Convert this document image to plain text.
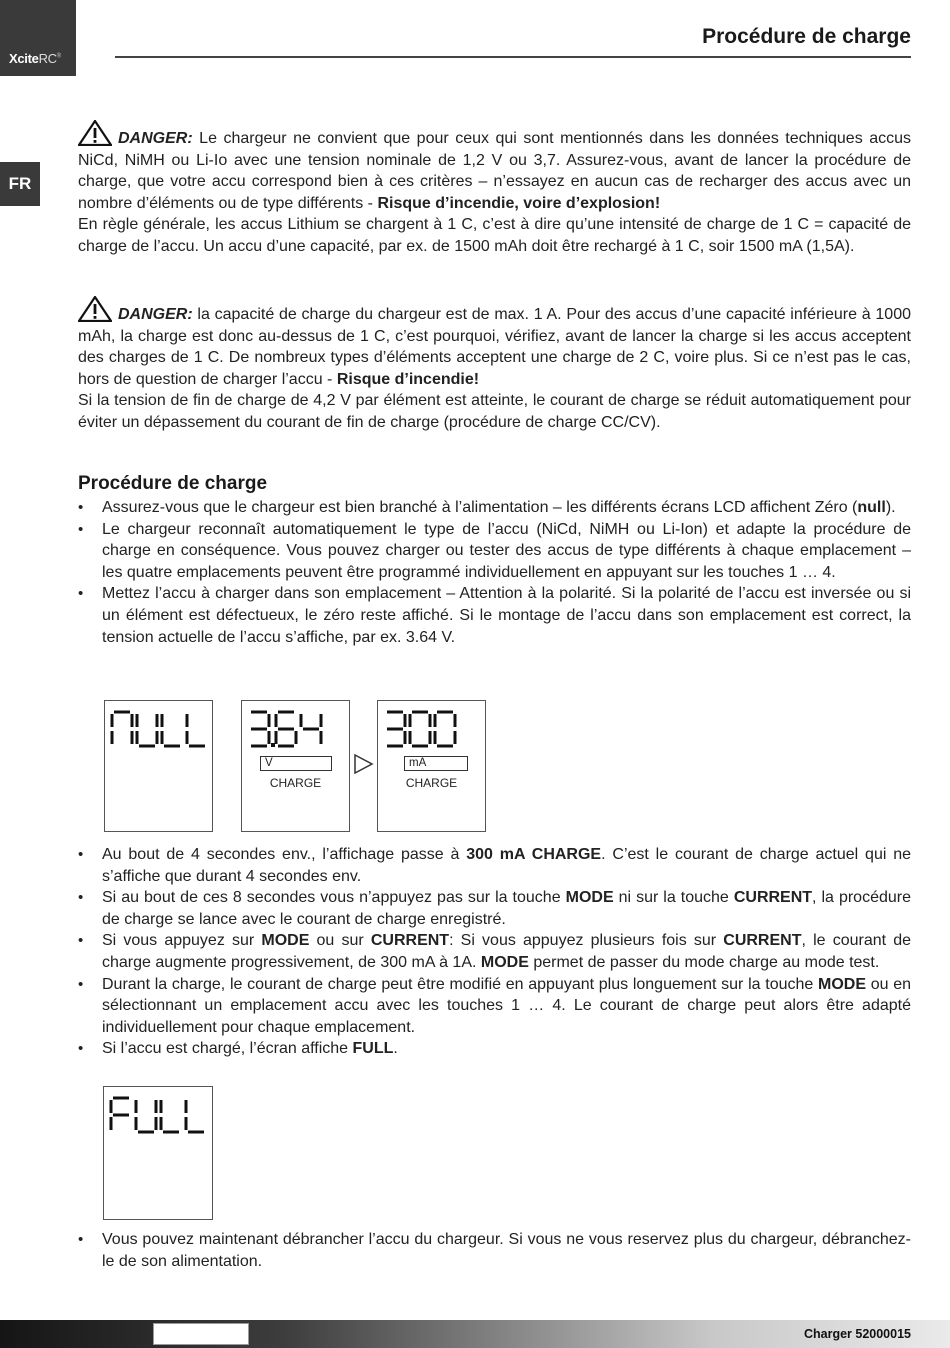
XciteRC®
Procédure de charge
FR

DANGER: Le chargeur ne convient que pour ceux qui sont mentionnés dans les données techniques accus NiCd, NiMH ou Li-Io avec une tension nominale de 1,2 V ou 3,7. Assurez-vous, avant de lancer la procédure de charge, que votre accu correspond bien à ces critères – n’essayez en aucun cas de recharger des accus avec un nombre d’éléments ou de type différents - Risque d’incendie, voire d’explosion!

En règle générale, les accus Lithium se chargent à 1 C, c’est à dire qu’une intensité de charge de 1 C = capacité de charge de l’accu. Un accu d’une capacité, par ex. de 1500 mAh doit être rechargé à 1 C, soir 1500 mA (1,5A).

DANGER: la capacité de charge du chargeur est de max. 1 A. Pour des accus d’une capacité inférieure à 1000 mAh, la charge est donc au-dessus de 1 C, c’est pourquoi, vérifiez, avant de lancer la charge si les accus acceptent des charges de 1 C. De nombreux types d’éléments acceptent une charge de 2 C, voire plus. Si ce n’est pas le cas, hors de question de charger l’accu - Risque d’incendie!

Si la tension de fin de charge de 4,2 V par élément est atteinte, le courant de charge se réduit automatiquement pour éviter un dépassement du courant de fin de charge (procédure de charge CC/CV).

Procédure de charge
• Assurez-vous que le chargeur est bien branché à l’alimentation – les différents écrans LCD affichent Zéro (null).
• Le chargeur reconnaît automatiquement le type de l’accu (NiCd, NiMH ou Li-Ion) et adapte la procédure de charge en conséquence. Vous pouvez charger ou tester des accus de type différents à chaque emplacement – les quatre emplacements peuvent être programmé individuellement en appuyant sur les touches 1 … 4.
• Mettez l’accu à charger dans son emplacement – Attention à la polarité. Si la polarité de l’accu est inversée ou si un élément est défectueux, le zéro reste affiché. Si le montage de l’accu dans son emplacement est correct, la tension actuelle de l’accu s’affiche, par ex. 3.64 V.
V
CHARGE
mA
CHARGE
• Au bout de 4 secondes env., l’affichage passe à 300 mA CHARGE. C’est le courant de charge actuel qui ne s’affiche que durant 4 secondes env.
• Si au bout de ces 8 secondes vous n’appuyez pas sur la touche MODE ni sur la touche CURRENT, la procédure de charge se lance avec le courant de charge enregistré.
• Si vous appuyez sur MODE ou sur CURRENT: Si vous appuyez plusieurs fois sur CURRENT, le courant de charge augmente progressivement, de 300 mA à 1A. MODE permet de passer du mode charge au mode test.
• Durant la charge, le courant de charge peut être modifié en appuyant plus longuement sur la touche MODE ou en sélectionnant un emplacement accu avec les touches 1 … 4. Le courant de charge peut alors être adapté individuellement pour chaque emplacement.
• Si l’accu est chargé, l’écran affiche FULL.
• Vous pouvez maintenant débrancher l’accu du chargeur. Si vous ne vous reservez plus du chargeur, débranchez-le de son alimentation.
Charger 52000015
